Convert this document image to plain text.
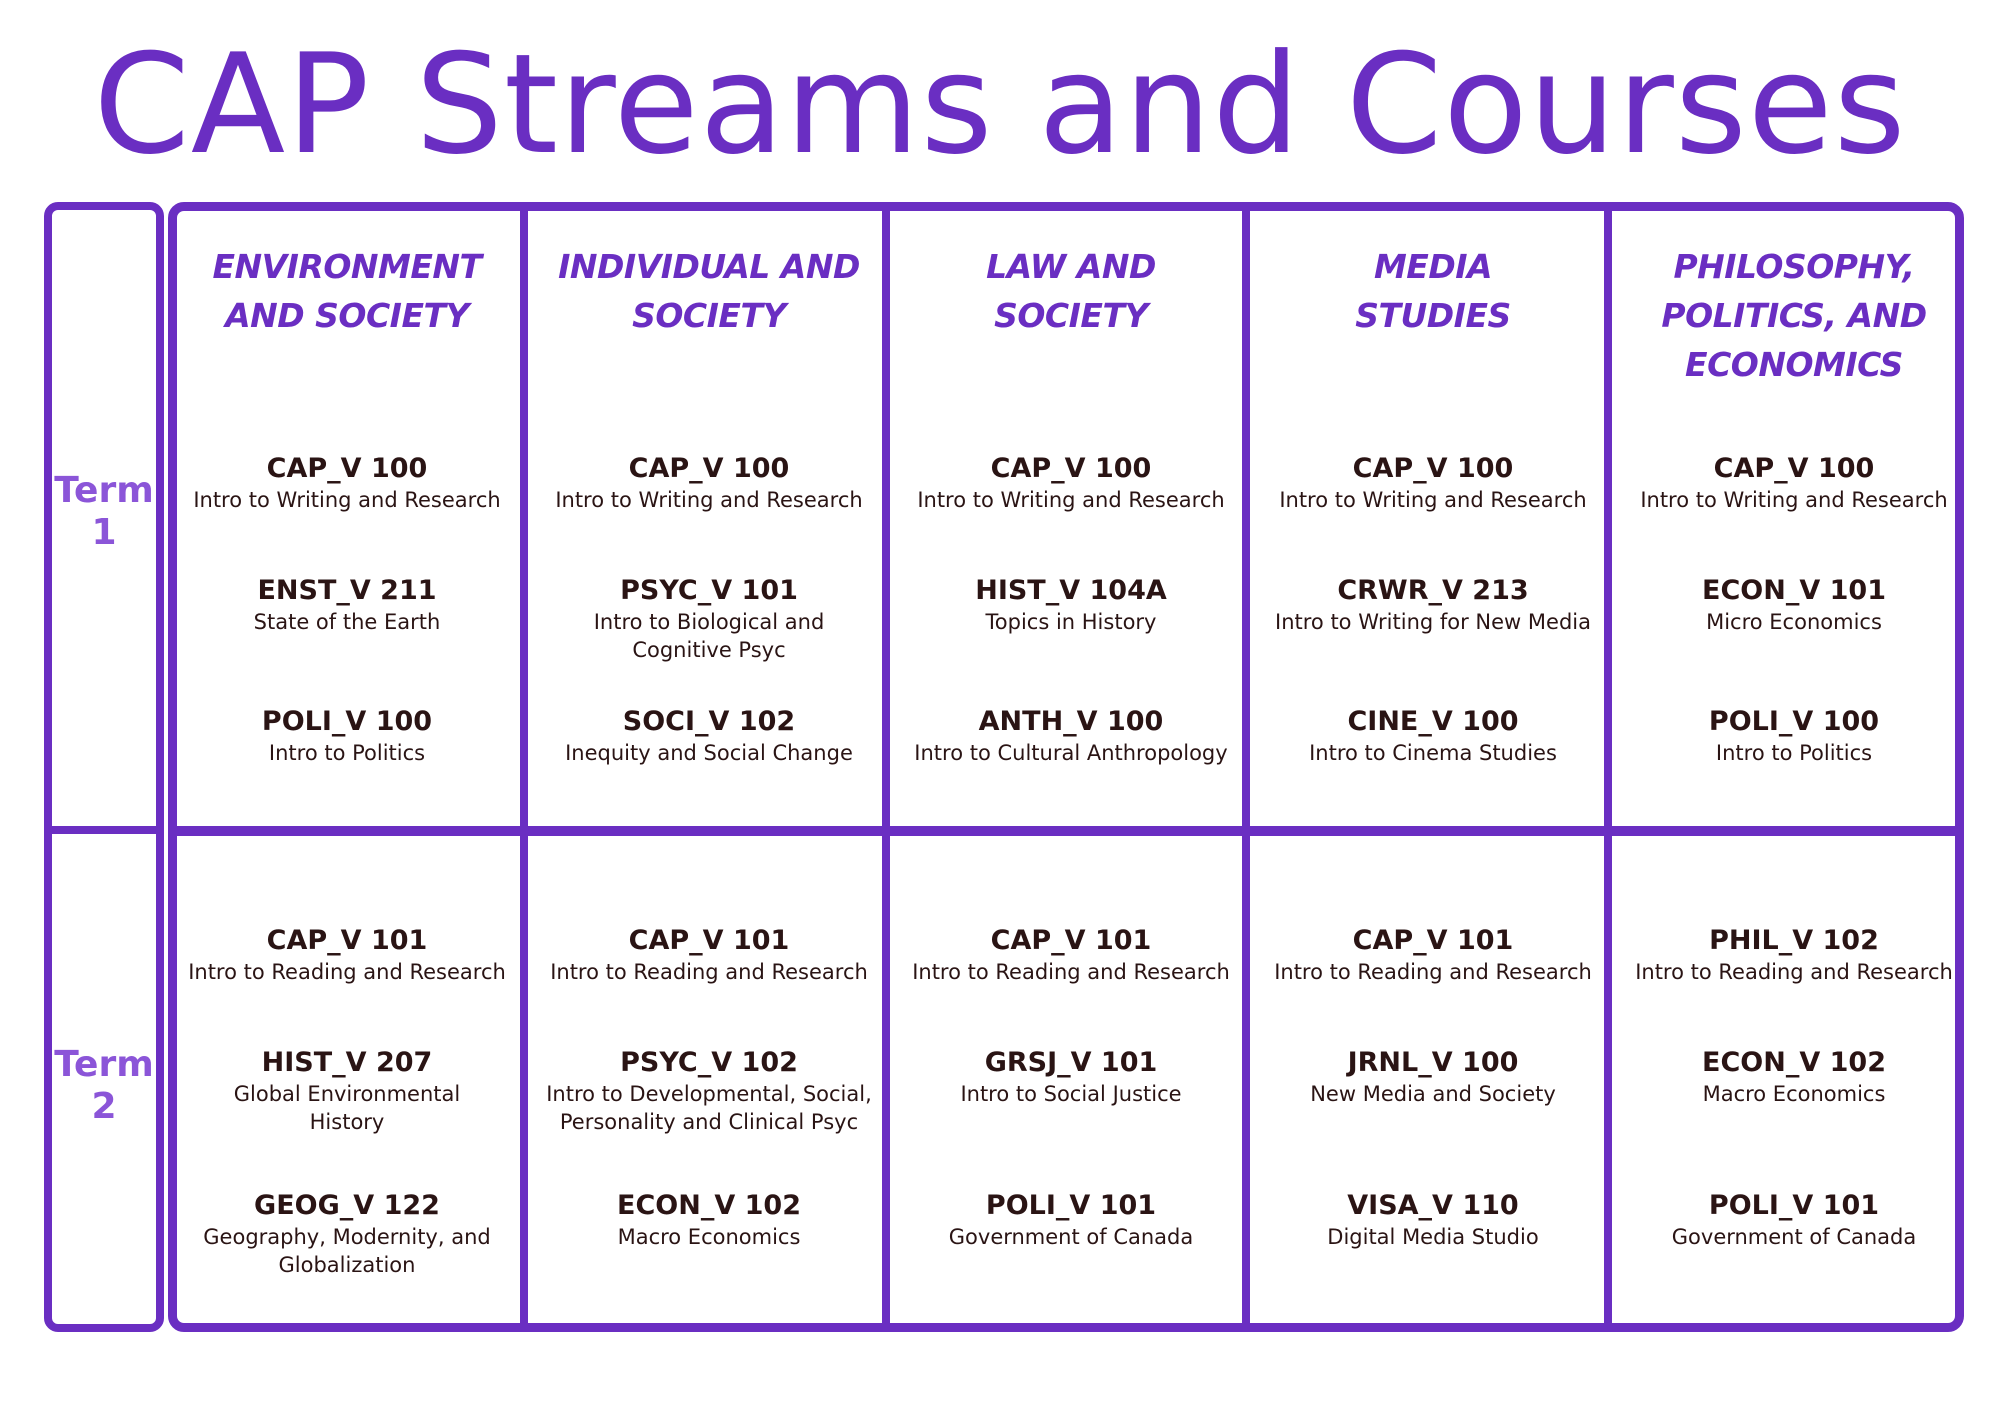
CAP Streams and Courses
Term
1
Term
2
ENVIRONMENT
AND SOCIETY
CAP_V 100
Intro to Writing and Research
ENST_V 211
State of the Earth
POLI_V 100
Intro to Politics
CAP_V 101
Intro to Reading and Research
HIST_V 207
Global Environmental
History
GEOG_V 122
Geography, Modernity, and
Globalization
INDIVIDUAL AND
SOCIETY
CAP_V 100
Intro to Writing and Research
PSYC_V 101
Intro to Biological and
Cognitive Psyc
SOCI_V 102
Inequity and Social Change
CAP_V 101
Intro to Reading and Research
PSYC_V 102
Intro to Developmental, Social,
Personality and Clinical Psyc
ECON_V 102
Macro Economics
LAW AND
SOCIETY
CAP_V 100
Intro to Writing and Research
HIST_V 104A
Topics in History
ANTH_V 100
Intro to Cultural Anthropology
CAP_V 101
Intro to Reading and Research
GRSJ_V 101
Intro to Social Justice
POLI_V 101
Government of Canada
MEDIA
STUDIES
CAP_V 100
Intro to Writing and Research
CRWR_V 213
Intro to Writing for New Media
CINE_V 100
Intro to Cinema Studies
CAP_V 101
Intro to Reading and Research
JRNL_V 100
New Media and Society
VISA_V 110
Digital Media Studio
PHILOSOPHY,
POLITICS, AND
ECONOMICS
CAP_V 100
Intro to Writing and Research
ECON_V 101
Micro Economics
POLI_V 100
Intro to Politics
PHIL_V 102
Intro to Reading and Research
ECON_V 102
Macro Economics
POLI_V 101
Government of Canada
